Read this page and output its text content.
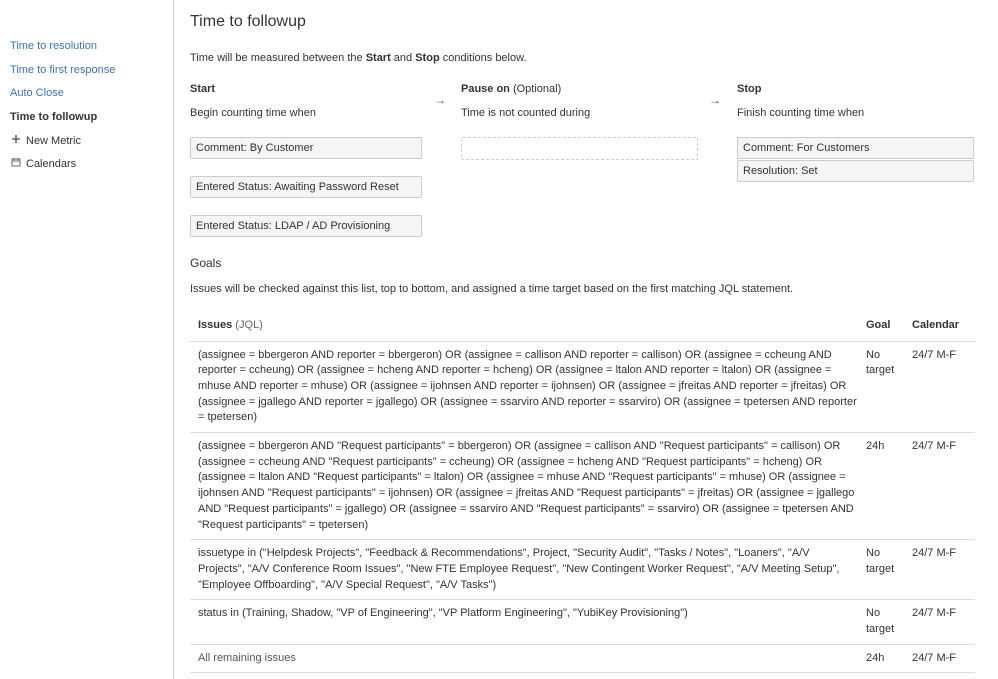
Time to resolution
Time to first response
Auto Close
Time to followup
New Metric
Calendars
Time to followup
Time will be measured between the Start and Stop conditions below.
Start
Begin counting time when
Comment: By Customer
Entered Status: Awaiting Password Reset
Entered Status: LDAP / AD Provisioning
→
Pause on (Optional)
Time is not counted during
→
Stop
Finish counting time when
Comment: For Customers
Resolution: Set
Goals
Issues will be checked against this list, top to bottom, and assigned a time target based on the first matching JQL statement.
Issues (JQL)	Goal	Calendar
(assignee = bbergeron AND reporter = bbergeron) OR (assignee = callison AND reporter = callison) OR (assignee = ccheung AND reporter = ccheung) OR (assignee = hcheng AND reporter = hcheng) OR (assignee = ltalon AND reporter = ltalon) OR (assignee = mhuse AND reporter = mhuse) OR (assignee = ijohnsen AND reporter = ijohnsen) OR (assignee = jfreitas AND reporter = jfreitas) OR (assignee = jgallego AND reporter = jgallego) OR (assignee = ssarviro AND reporter = ssarviro) OR (assignee = tpetersen AND reporter = tpetersen)	No target	24/7 M-F
(assignee = bbergeron AND "Request participants" = bbergeron) OR (assignee = callison AND "Request participants" = callison) OR (assignee = ccheung AND "Request participants" = ccheung) OR (assignee = hcheng AND "Request participants" = hcheng) OR (assignee = ltalon AND "Request participants" = ltalon) OR (assignee = mhuse AND "Request participants" = mhuse) OR (assignee = ijohnsen AND "Request participants" = ijohnsen) OR (assignee = jfreitas AND "Request participants" = jfreitas) OR (assignee = jgallego AND "Request participants" = jgallego) OR (assignee = ssarviro AND "Request participants" = ssarviro) OR (assignee = tpetersen AND "Request participants" = tpetersen)	24h	24/7 M-F
issuetype in ("Helpdesk Projects", "Feedback & Recommendations", Project, "Security Audit", "Tasks / Notes", "Loaners", "A/V Projects", "A/V Conference Room Issues", "New FTE Employee Request", "New Contingent Worker Request", "A/V Meeting Setup", "Employee Offboarding", "A/V Special Request", "A/V Tasks")	No target	24/7 M-F
status in (Training, Shadow, "VP of Engineering", "VP Platform Engineering", "YubiKey Provisioning")	No target	24/7 M-F
All remaining issues	24h	24/7 M-F
